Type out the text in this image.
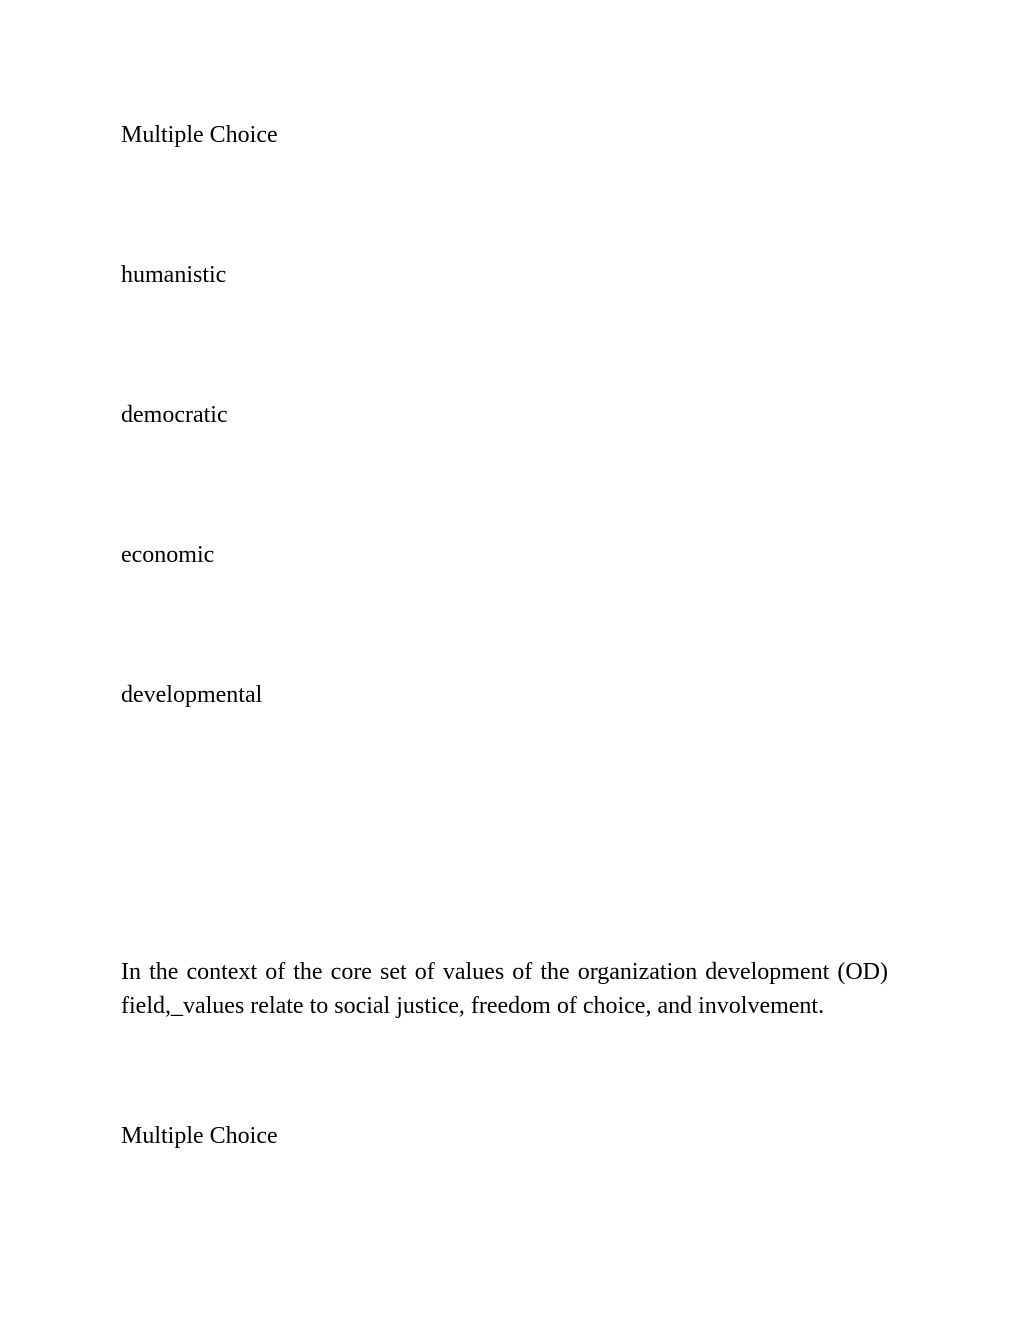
Multiple Choice
humanistic
democratic
economic
developmental
In the context of the core set of values of the organization development (OD) field,_values relate to social justice, freedom of choice, and involvement.
Multiple Choice
